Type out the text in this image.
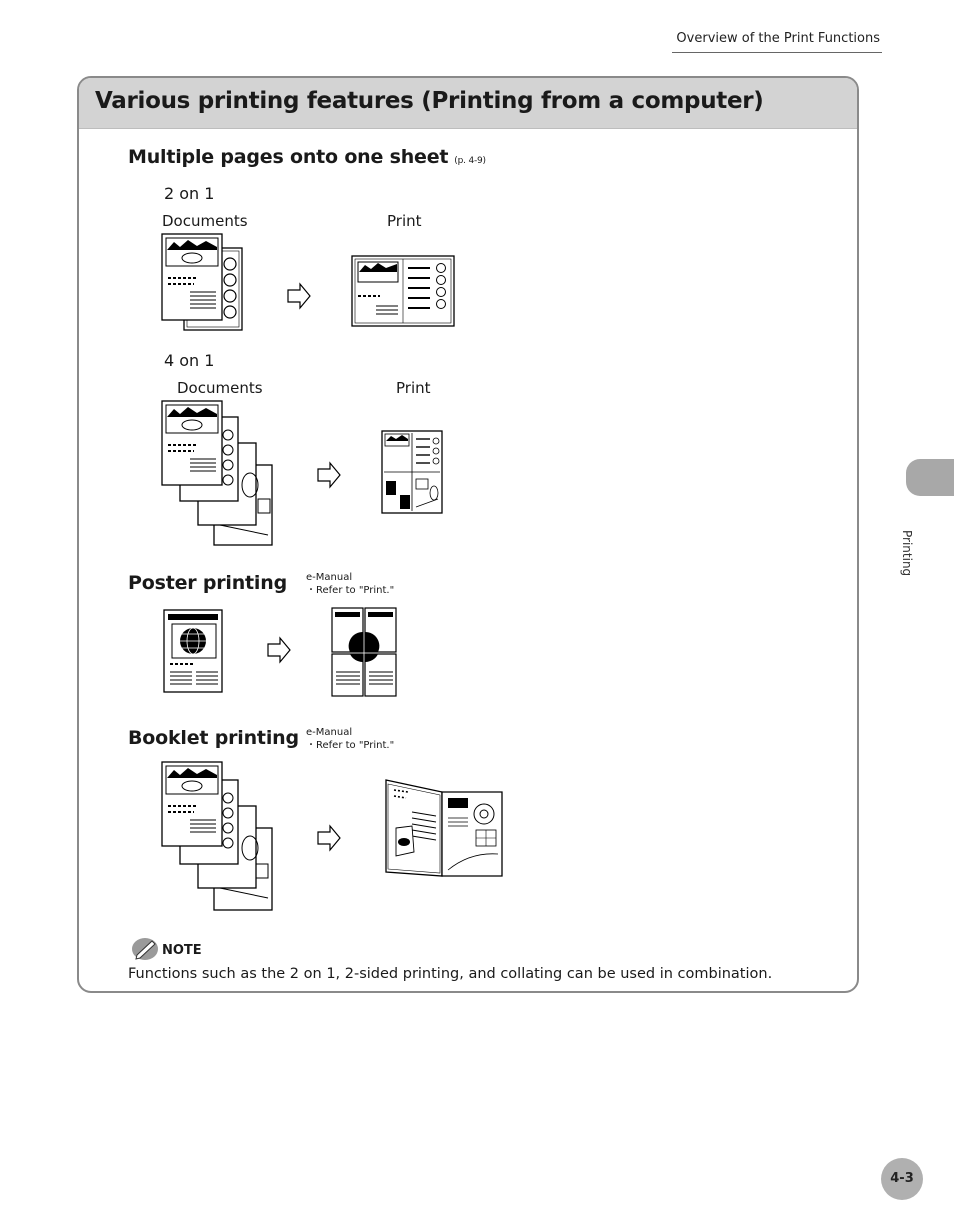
Overview of the Print Functions
Various printing features (Printing from a computer)
Multiple pages onto one sheet (p. 4-9)
2 on 1
Documents	Print
4 on 1
Documents	Print
Poster printing e-Manual
・Refer to "Print."
Booklet printing e-Manual
・Refer to "Print."
NOTE
Functions such as the 2 on 1, 2-sided printing, and collating can be used in combination.
Printing
4-3
